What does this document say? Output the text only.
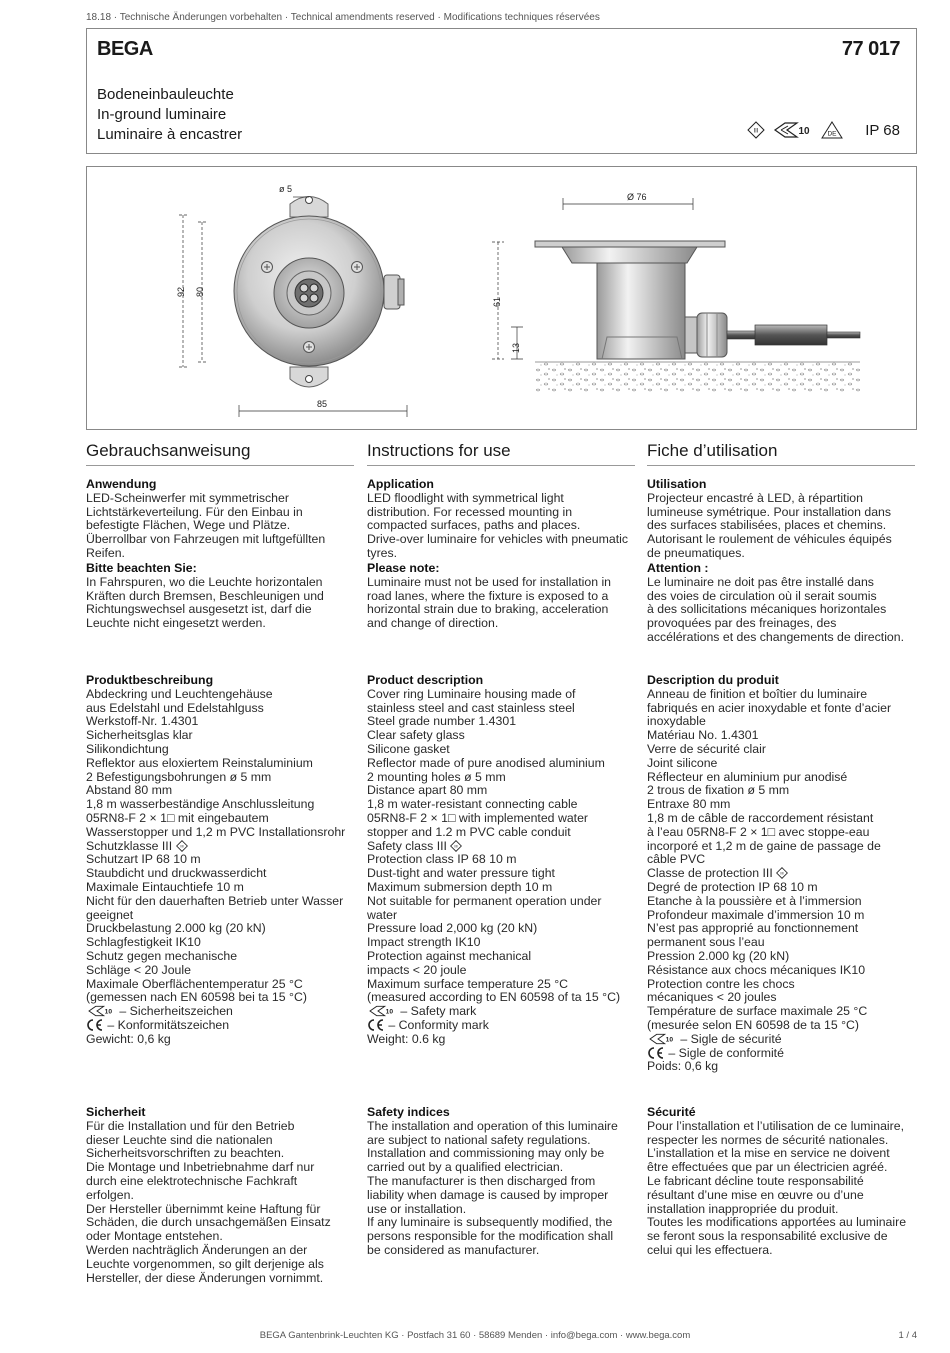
18.18 · Technische Änderungen vorbehalten · Technical amendments reserved · Modifications techniques réservées
BEGA	77 017
Bodeneinbauleuchte
In-ground luminaire
Luminaire à encastrer	III	10	DE IP 68
ø 5
92 80
85
Ø 76
61
13
Gebrauchsanweisung	Instructions for use	Fiche d’utilisation
Anwendung
LED-Scheinwerfer mit symmetrischer
Lichtstärkeverteilung. Für den Einbau in
befestigte Flächen, Wege und Plätze.
Überrollbar von Fahrzeugen mit luftgefüllten
Reifen.
Bitte beachten Sie:
In Fahrspuren, wo die Leuchte horizontalen
Kräften durch Bremsen, Beschleunigen und
Richtungswechsel ausgesetzt ist, darf die
Leuchte nicht eingesetzt werden.
Produktbeschreibung
Abdeckring und Leuchtengehäuse
aus Edelstahl und Edelstahlguss
Werkstoff-Nr. 1.4301
Sicherheitsglas klar
Silikondichtung
Reflektor aus eloxiertem Reinstaluminium
2 Befestigungsbohrungen ø 5 mm
Abstand 80 mm
1,8 m wasserbeständige Anschlussleitung
05RN8-F 2 × 1□ mit eingebautem
Wasserstopper und 1,2 m PVC Installationsrohr
Schutzklasse III III
Schutzart IP 68 10 m
Staubdicht und druckwasserdicht
Maximale Eintauchtiefe 10 m
Nicht für den dauerhaften Betrieb unter Wasser
geeignet
Druckbelastung 2.000 kg (20 kN)
Schlagfestigkeit IK10
Schutz gegen mechanische
Schläge < 20 Joule
Maximale Oberflächentemperatur 25 °C
(gemessen nach EN 60598 bei ta 15 °C)
10 – Sicherheitszeichen
– Konformitätszeichen
Gewicht: 0,6 kg
Sicherheit
Für die Installation und für den Betrieb
dieser Leuchte sind die nationalen
Sicherheitsvorschriften zu beachten.
Die Montage und Inbetriebnahme darf nur
durch eine elektrotechnische Fachkraft
erfolgen.
Der Hersteller übernimmt keine Haftung für
Schäden, die durch unsachgemäßen Einsatz
oder Montage entstehen.
Werden nachträglich Änderungen an der
Leuchte vorgenommen, so gilt derjenige als
Hersteller, der diese Änderungen vornimmt.
Application
LED floodlight with symmetrical light
distribution. For recessed mounting in
compacted surfaces, paths and places.
Drive-over luminaire for vehicles with pneumatic
tyres.
Please note:
Luminaire must not be used for installation in
road lanes, where the fixture is exposed to a
horizontal strain due to braking, acceleration
and change of direction.
Product description
Cover ring Luminaire housing made of
stainless steel and cast stainless steel
Steel grade number 1.4301
Clear safety glass
Silicone gasket
Reflector made of pure anodised aluminium
2 mounting holes ø 5 mm
Distance apart 80 mm
1,8 m water-resistant connecting cable
05RN8-F 2 × 1□ with implemented water
stopper and 1.2 m PVC cable conduit
Safety class III III
Protection class IP 68 10 m
Dust-tight and water pressure tight
Maximum submersion depth 10 m
Not suitable for permanent operation under
water
Pressure load 2,000 kg (20 kN)
Impact strength IK10
Protection against mechanical
impacts < 20 joule
Maximum surface temperature 25 °C
(measured according to EN 60598 of ta 15 °C)
10 – Safety mark
– Conformity mark
Weight: 0.6 kg
Safety indices
The installation and operation of this luminaire
are subject to national safety regulations.
Installation and commissioning may only be
carried out by a qualified electrician.
The manufacturer is then discharged from
liability when damage is caused by improper
use or installation.
If any luminaire is subsequently modified, the
persons responsible for the modification shall
be considered as manufacturer.
Utilisation
Projecteur encastré à LED, à répartition
lumineuse symétrique. Pour installation dans
des surfaces stabilisées, places et chemins.
Autorisant le roulement de véhicules équipés
de pneumatiques.
Attention :
Le luminaire ne doit pas être installé dans
des voies de circulation où il serait soumis
à des sollicitations mécaniques horizontales
provoquées par des freinages, des
accélérations et des changements de direction.
Description du produit
Anneau de finition et boîtier du luminaire
fabriqués en acier inoxydable et fonte d’acier
inoxydable
Matériau No. 1.4301
Verre de sécurité clair
Joint silicone
Réflecteur en aluminium pur anodisé
2 trous de fixation ø 5 mm
Entraxe 80 mm
1,8 m de câble de raccordement résistant
à l’eau 05RN8-F 2 × 1□ avec stoppe-eau
incorporé et 1,2 m de gaine de passage de
câble PVC
Classe de protection III III
Degré de protection IP 68 10 m
Etanche à la poussière et à l’immersion
Profondeur maximale d’immersion 10 m
N’est pas approprié au fonctionnement
permanent sous l’eau
Pression 2.000 kg (20 kN)
Résistance aux chocs mécaniques IK10
Protection contre les chocs
mécaniques < 20 joules
Température de surface maximale 25 °C
(mesurée selon EN 60598 de ta 15 °C)
10 – Sigle de sécurité
– Sigle de conformité
Poids: 0,6 kg
Sécurité
Pour l’installation et l’utilisation de ce luminaire,
respecter les normes de sécurité nationales.
L’installation et la mise en service ne doivent
être effectuées que par un électricien agréé.
Le fabricant décline toute responsabilité
résultant d’une mise en œuvre ou d’une
installation inappropriée du produit.
Toutes les modifications apportées au luminaire
se feront sous la responsabilité exclusive de
celui qui les effectuera.
BEGA Gantenbrink-Leuchten KG · Postfach 31 60 · 58689 Menden · info@bega.com · www.bega.com	1 / 4
